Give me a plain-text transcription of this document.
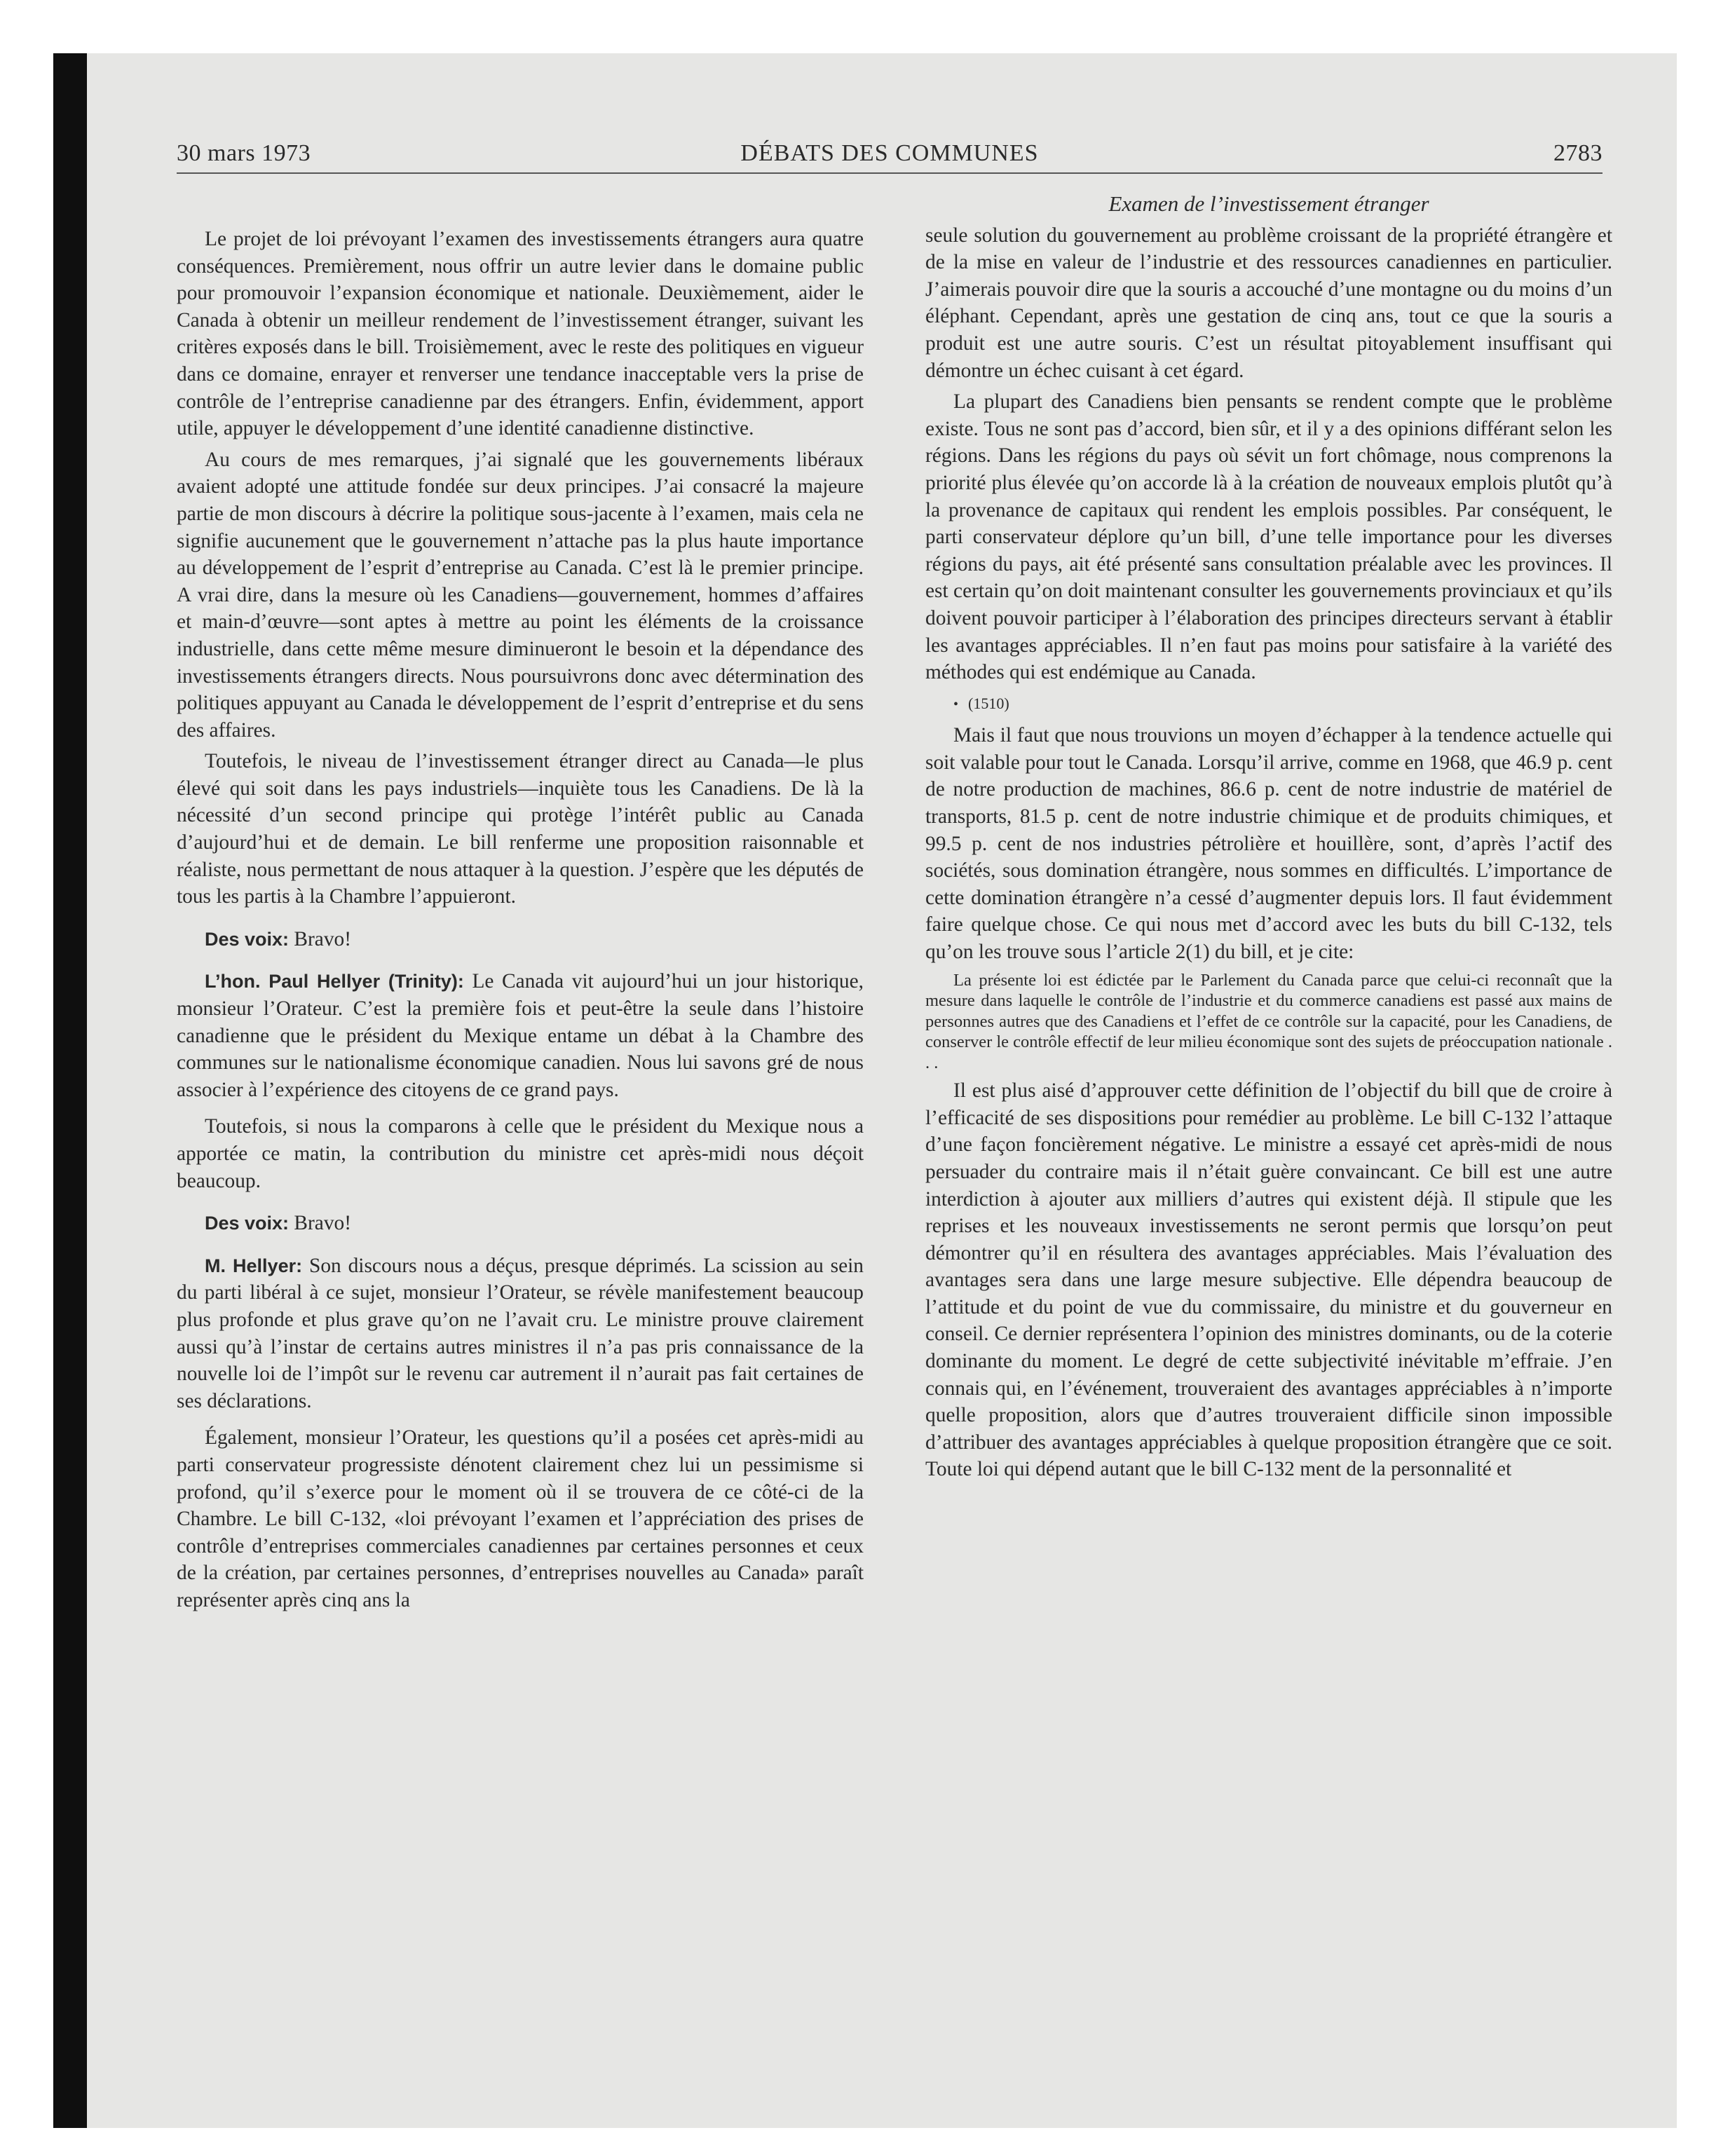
30 mars 1973	DÉBATS DES COMMUNES	2783

Le projet de loi prévoyant l’examen des investissements étrangers aura quatre conséquences. Premièrement, nous offrir un autre levier dans le domaine public pour promouvoir l’expansion économique et nationale. Deuxièmement, aider le Canada à obtenir un meilleur rendement de l’investissement étranger, suivant les critères exposés dans le bill. Troisièmement, avec le reste des politiques en vigueur dans ce domaine, enrayer et renverser une tendance inacceptable vers la prise de contrôle de l’entreprise canadienne par des étrangers. Enfin, évidemment, apport utile, appuyer le développement d’une identité canadienne distinctive.

Au cours de mes remarques, j’ai signalé que les gouvernements libéraux avaient adopté une attitude fondée sur deux principes. J’ai consacré la majeure partie de mon discours à décrire la politique sous-jacente à l’examen, mais cela ne signifie aucunement que le gouvernement n’attache pas la plus haute importance au développement de l’esprit d’entreprise au Canada. C’est là le premier principe. A vrai dire, dans la mesure où les Canadiens—gouvernement, hommes d’affaires et main-d’œuvre—sont aptes à mettre au point les éléments de la croissance industrielle, dans cette même mesure diminueront le besoin et la dépendance des investissements étrangers directs. Nous poursuivrons donc avec détermination des politiques appuyant au Canada le développement de l’esprit d’entreprise et du sens des affaires.

Toutefois, le niveau de l’investissement étranger direct au Canada—le plus élevé qui soit dans les pays industriels—inquiète tous les Canadiens. De là la nécessité d’un second principe qui protège l’intérêt public au Canada d’aujourd’hui et de demain. Le bill renferme une proposition raisonnable et réaliste, nous permettant de nous attaquer à la question. J’espère que les députés de tous les partis à la Chambre l’appuieront.

Des voix: Bravo!

L’hon. Paul Hellyer (Trinity): Le Canada vit aujourd’hui un jour historique, monsieur l’Orateur. C’est la première fois et peut-être la seule dans l’histoire canadienne que le président du Mexique entame un débat à la Chambre des communes sur le nationalisme économique canadien. Nous lui savons gré de nous associer à l’expérience des citoyens de ce grand pays.

Toutefois, si nous la comparons à celle que le président du Mexique nous a apportée ce matin, la contribution du ministre cet après-midi nous déçoit beaucoup.

Des voix: Bravo!

M. Hellyer: Son discours nous a déçus, presque déprimés. La scission au sein du parti libéral à ce sujet, monsieur l’Orateur, se révèle manifestement beaucoup plus profonde et plus grave qu’on ne l’avait cru. Le ministre prouve clairement aussi qu’à l’instar de certains autres ministres il n’a pas pris connaissance de la nouvelle loi de l’impôt sur le revenu car autrement il n’aurait pas fait certaines de ses déclarations.

Également, monsieur l’Orateur, les questions qu’il a posées cet après-midi au parti conservateur progressiste dénotent clairement chez lui un pessimisme si profond, qu’il s’exerce pour le moment où il se trouvera de ce côté-ci de la Chambre. Le bill C-132, «loi prévoyant l’examen et l’appréciation des prises de contrôle d’entreprises commerciales canadiennes par certaines personnes et ceux de la création, par certaines personnes, d’entreprises nouvelles au Canada» paraît représenter après cinq ans la

Examen de l’investissement étranger

seule solution du gouvernement au problème croissant de la propriété étrangère et de la mise en valeur de l’industrie et des ressources canadiennes en particulier. J’aimerais pouvoir dire que la souris a accouché d’une montagne ou du moins d’un éléphant. Cependant, après une gestation de cinq ans, tout ce que la souris a produit est une autre souris. C’est un résultat pitoyablement insuffisant qui démontre un échec cuisant à cet égard.

La plupart des Canadiens bien pensants se rendent compte que le problème existe. Tous ne sont pas d’accord, bien sûr, et il y a des opinions différant selon les régions. Dans les régions du pays où sévit un fort chômage, nous comprenons la priorité plus élevée qu’on accorde là à la création de nouveaux emplois plutôt qu’à la provenance de capitaux qui rendent les emplois possibles. Par conséquent, le parti conservateur déplore qu’un bill, d’une telle importance pour les diverses régions du pays, ait été présenté sans consultation préalable avec les provinces. Il est certain qu’on doit maintenant consulter les gouvernements provinciaux et qu’ils doivent pouvoir participer à l’élaboration des principes directeurs servant à établir les avantages appréciables. Il n’en faut pas moins pour satisfaire à la variété des méthodes qui est endémique au Canada.

• (1510)

Mais il faut que nous trouvions un moyen d’échapper à la tendence actuelle qui soit valable pour tout le Canada. Lorsqu’il arrive, comme en 1968, que 46.9 p. cent de notre production de machines, 86.6 p. cent de notre industrie de matériel de transports, 81.5 p. cent de notre industrie chimique et de produits chimiques, et 99.5 p. cent de nos industries pétrolière et houillère, sont, d’après l’actif des sociétés, sous domination étrangère, nous sommes en difficultés. L’importance de cette domination étrangère n’a cessé d’augmenter depuis lors. Il faut évidemment faire quelque chose. Ce qui nous met d’accord avec les buts du bill C-132, tels qu’on les trouve sous l’article 2(1) du bill, et je cite:

La présente loi est édictée par le Parlement du Canada parce que celui-ci reconnaît que la mesure dans laquelle le contrôle de l’industrie et du commerce canadiens est passé aux mains de personnes autres que des Canadiens et l’effet de ce contrôle sur la capacité, pour les Canadiens, de conserver le contrôle effectif de leur milieu économique sont des sujets de préoccupation nationale . . .

Il est plus aisé d’approuver cette définition de l’objectif du bill que de croire à l’efficacité de ses dispositions pour remédier au problème. Le bill C-132 l’attaque d’une façon foncièrement négative. Le ministre a essayé cet après-midi de nous persuader du contraire mais il n’était guère convaincant. Ce bill est une autre interdiction à ajouter aux milliers d’autres qui existent déjà. Il stipule que les reprises et les nouveaux investissements ne seront permis que lorsqu’on peut démontrer qu’il en résultera des avantages appréciables. Mais l’évaluation des avantages sera dans une large mesure subjective. Elle dépendra beaucoup de l’attitude et du point de vue du commissaire, du ministre et du gouverneur en conseil. Ce dernier représentera l’opinion des ministres dominants, ou de la coterie dominante du moment. Le degré de cette subjectivité inévitable m’effraie. J’en connais qui, en l’événement, trouveraient des avantages appréciables à n’importe quelle proposition, alors que d’autres trouveraient difficile sinon impossible d’attribuer des avantages appréciables à quelque proposition étrangère que ce soit. Toute loi qui dépend autant que le bill C-132 ment de la personnalité et
